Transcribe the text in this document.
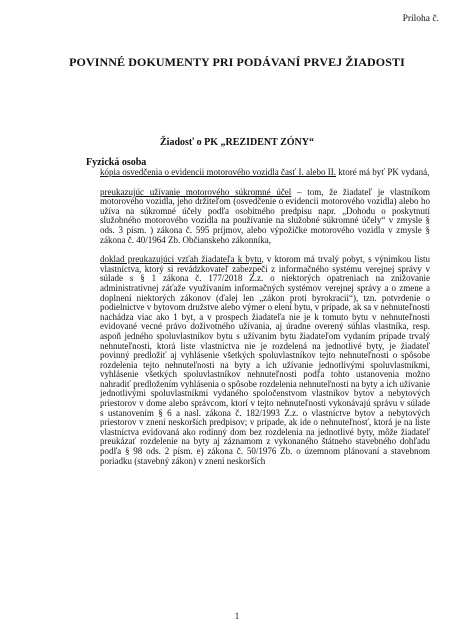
Príloha č.
POVINNÉ DOKUMENTY PRI PODÁVANÍ PRVEJ ŽIADOSTI
Žiadosť o PK „REZIDENT ZÓNY“
Fyzická osoba
kópia osvedčenia o evidencii motorového vozidla časť I. alebo II. ktoré má byť PK vydaná,
preukazujúc užívanie motorového súkromné účel – tom, že žiadateľ je vlastníkom motorového vozidla, jeho držiteľom (osvedčenie o evidencii motorového vozidla) alebo ho užíva na súkromné účely podľa osobitného predpisu napr. „Dohodu o poskytnutí služobného motorového vozidla na používanie na služobné súkromné účely“ v zmysle § ods. 3 písm. ) zákona č. 595 príjmov, alebo výpožičke motorového vozidla v zmysle § zákona č. 40/1964 Zb. Občianskeho zákonníka,
doklad preukazujúci vzťah žiadateľa k bytu, v ktorom má trvalý pobyt, s výnimkou listu vlastníctva, ktorý si revádzkovateľ zabezpečí z informačného systému verejnej správy v súlade s § 1 zákona č. 177/2018 Z.z. o niektorých opatreniach na znižovanie administratívnej záťaže využívaním informačných systémov verejnej správy a o zmene a doplnení niektorých zákonov (ďalej len „zákon proti byrokracii“), tzn. potvrdenie o podielnictve v bytovom družstve alebo výmer o elení bytu, v prípade, ak sa v nehnuteľnosti nachádza viac ako 1 byt, a v prospech žiadateľa nie je k tomuto bytu v nehnuteľnosti evidované vecné právo doživotného užívania, aj úradne overený súhlas vlastníka, resp. aspoň jedného spoluvlastníkov bytu s užívaním bytu žiadateľom vydaním prípade trvalý nehnuteľnosti, ktorá liste vlastníctva nie je rozdelená na jednotlivé byty, je žiadateľ povinný predložiť aj vyhlásenie všetkých spoluvlastníkov tejto nehnuteľnosti o spôsobe rozdelenia tejto nehnuteľnosti na byty a ich užívanie jednotlivými spoluvlastníkmi, vyhlásenie všetkých spoluvlastníkov nehnuteľnosti podľa tohto ustanovenia možno nahradiť predložením vyhlásenia o spôsobe rozdelenia nehnuteľnosti na byty a ich užívanie jednotlivými spoluvlastníkmi vydaného spoločenstvom vlastníkov bytov a nebytových priestorov v dome alebo správcom, ktorí v tejto nehnuteľnosti vykonávajú správu v súlade s ustanovením § 6 a nasl. zákona č. 182/1993 Z.z. o vlastníctve bytov a nebytových priestorov v znení neskorších predpisov; v prípade, ak ide o nehnuteľnosť, ktorá je na liste vlastníctva evidovaná ako rodinný dom bez rozdelenia na jednotlivé byty, môže žiadateľ preukázať rozdelenie na byty aj záznamom z vykonaného štátneho stavebného dohľadu podľa § 98 ods. 2 písm. e) zákona č. 50/1976 Zb. o územnom plánovaní a stavebnom poriadku (stavebný zákon) v znení neskorších
1
